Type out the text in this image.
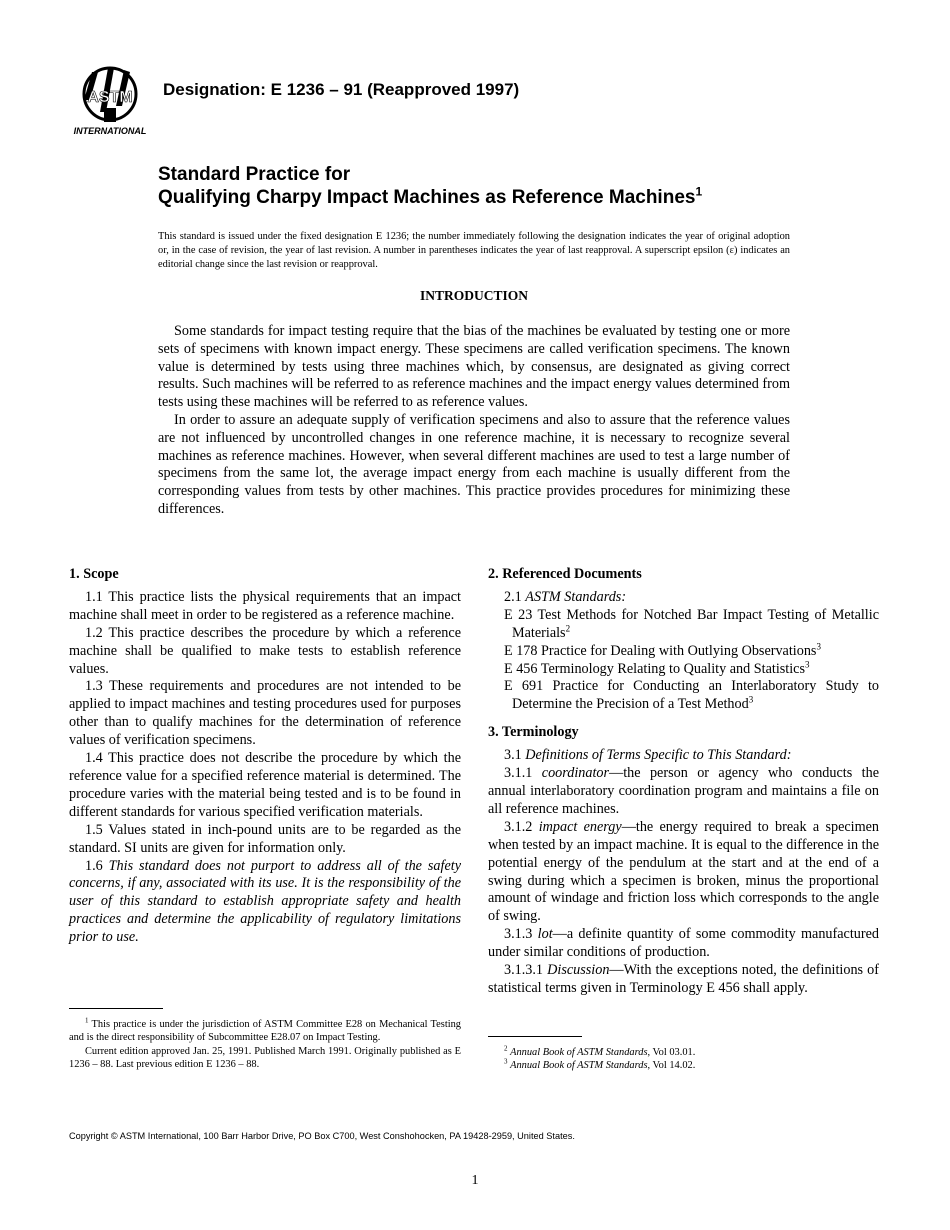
ASTM
INTERNATIONAL
Designation: E 1236 – 91 (Reapproved 1997)
Standard Practice for
Qualifying Charpy Impact Machines as Reference Machines$^1$
This standard is issued under the fixed designation E 1236; the number immediately following the designation indicates the year of original adoption or, in the case of revision, the year of last revision. A number in parentheses indicates the year of last reapproval. A superscript epsilon (ε) indicates an editorial change since the last revision or reapproval.
INTRODUCTION

Some standards for impact testing require that the bias of the machines be evaluated by testing one or more sets of specimens with known impact energy. These specimens are called verification specimens. The known value is determined by tests using three machines which, by consensus, are designated as giving correct results. Such machines will be referred to as reference machines and the impact energy values determined from tests using these machines will be referred to as reference values.

In order to assure an adequate supply of verification specimens and also to assure that the reference values are not influenced by uncontrolled changes in one reference machine, it is necessary to recognize several machines as reference machines. However, when several different machines are used to test a large number of specimens from the same lot, the average impact energy from each machine is usually different from the corresponding values from tests by other machines. This practice provides procedures for minimizing these differences.

1. Scope

1.1 This practice lists the physical requirements that an impact machine shall meet in order to be registered as a reference machine.

1.2 This practice describes the procedure by which a reference machine shall be qualified to make tests to establish reference values.

1.3 These requirements and procedures are not intended to be applied to impact machines and testing procedures used for purposes other than to qualify machines for the determination of reference values of verification specimens.

1.4 This practice does not describe the procedure by which the reference value for a specified reference material is determined. The procedure varies with the material being tested and is to be found in different standards for various specified verification materials.

1.5 Values stated in inch-pound units are to be regarded as the standard. SI units are given for information only.

1.6 This standard does not purport to address all of the safety concerns, if any, associated with its use. It is the responsibility of the user of this standard to establish appropriate safety and health practices and determine the applicability of regulatory limitations prior to use.

2. Referenced Documents

2.1 ASTM Standards:

E 23 Test Methods for Notched Bar Impact Testing of Metallic Materials$^2$

E 178 Practice for Dealing with Outlying Observations$^3$

E 456 Terminology Relating to Quality and Statistics$^3$

E 691 Practice for Conducting an Interlaboratory Study to Determine the Precision of a Test Method$^3$

3. Terminology

3.1 Definitions of Terms Specific to This Standard:

3.1.1 coordinator—the person or agency who conducts the annual interlaboratory coordination program and maintains a file on all reference machines.

3.1.2 impact energy—the energy required to break a specimen when tested by an impact machine. It is equal to the difference in the potential energy of the pendulum at the start and at the end of a swing during which a specimen is broken, minus the proportional amount of windage and friction loss which corresponds to the angle of swing.

3.1.3 lot—a definite quantity of some commodity manufactured under similar conditions of production.

3.1.3.1 Discussion—With the exceptions noted, the definitions of statistical terms given in Terminology E 456 shall apply.

$^1$ This practice is under the jurisdiction of ASTM Committee E28 on Mechanical Testing and is the direct responsibility of Subcommittee E28.07 on Impact Testing.

Current edition approved Jan. 25, 1991. Published March 1991. Originally published as E 1236 – 88. Last previous edition E 1236 – 88.

$^2$ Annual Book of ASTM Standards, Vol 03.01.

$^3$ Annual Book of ASTM Standards, Vol 14.02.

Copyright © ASTM International, 100 Barr Harbor Drive, PO Box C700, West Conshohocken, PA 19428-2959, United States.
1
